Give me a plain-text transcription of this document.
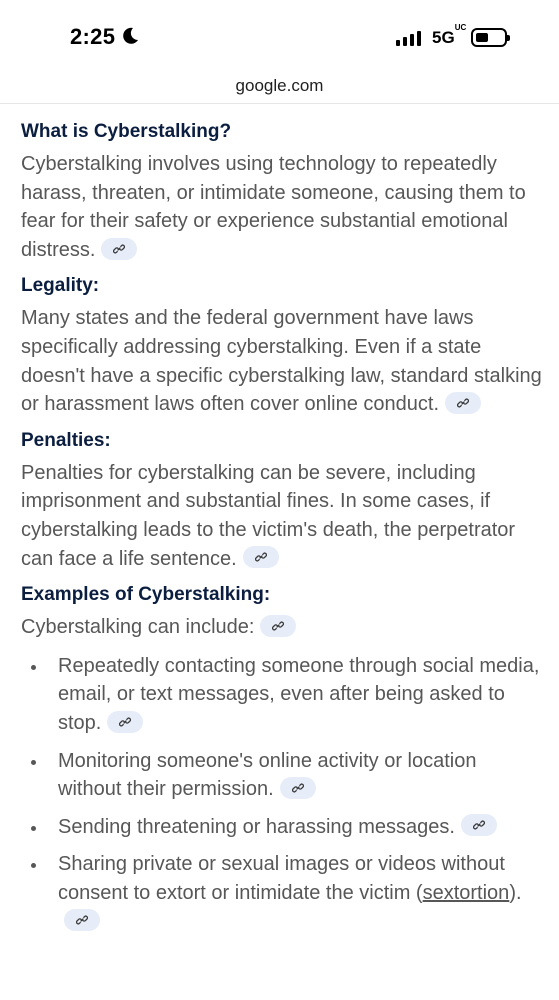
2:25	$5G^{UC}$
google.com
What is Cyberstalking?

Cyberstalking involves using technology to repeatedly harass, threaten, or intimidate someone, causing them to fear for their safety or experience substantial emotional distress.

Legality:

Many states and the federal government have laws specifically addressing cyberstalking. Even if a state doesn't have a specific cyberstalking law, standard stalking or harassment laws often cover online conduct.

Penalties:

Penalties for cyberstalking can be severe, including imprisonment and substantial fines. In some cases, if cyberstalking leads to the victim's death, the perpetrator can face a life sentence.

Examples of Cyberstalking:

Cyberstalking can include:

Repeatedly contacting someone through social media, email, or text messages, even after being asked to stop.
Monitoring someone's online activity or location without their permission.
Sending threatening or harassing messages.
Sharing private or sexual images or videos without consent to extort or intimidate the victim (sextortion).
